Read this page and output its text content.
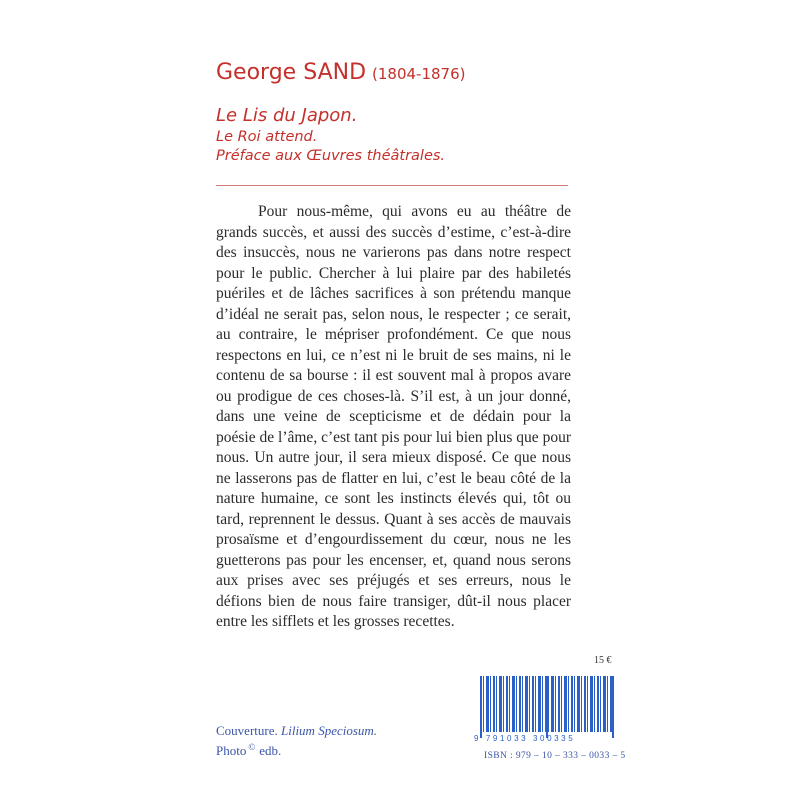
George SAND (1804-1876)
Le Lis du Japon.
Le Roi attend.
Préface aux Œuvres théâtrales.

Pour nous-même, qui avons eu au théâtre de grands succès, et aussi des succès d’estime, c’est-à-dire des insuccès, nous ne varierons pas dans notre respect pour le public. Chercher à lui plaire par des habiletés puériles et de lâches sacrifices à son prétendu manque d’idéal ne serait pas, selon nous, le respecter ; ce serait, au contraire, le mépriser profondément. Ce que nous respectons en lui, ce n’est ni le bruit de ses mains, ni le contenu de sa bourse : il est souvent mal à propos avare ou prodigue de ces choses-là. S’il est, à un jour donné, dans une veine de scepticisme et de dédain pour la poésie de l’âme, c’est tant pis pour lui bien plus que pour nous. Un autre jour, il sera mieux disposé. Ce que nous ne lasserons pas de flatter en lui, c’est le beau côté de la nature humaine, ce sont les instincts élevés qui, tôt ou tard, reprennent le dessus. Quant à ses accès de mauvais prosaïsme et d’engourdissement du cœur, nous ne les guetterons pas pour les encenser, et, quand nous serons aux prises avec ses préjugés et ses erreurs, nous le défions bien de nous faire transiger, dût-il nous placer entre les sifflets et les grosses recettes.

15 €
9 791033 300335
ISBN : 979 – 10 – 333 – 0033 – 5
Couverture. Lilium Speciosum.
Photo © edb.
